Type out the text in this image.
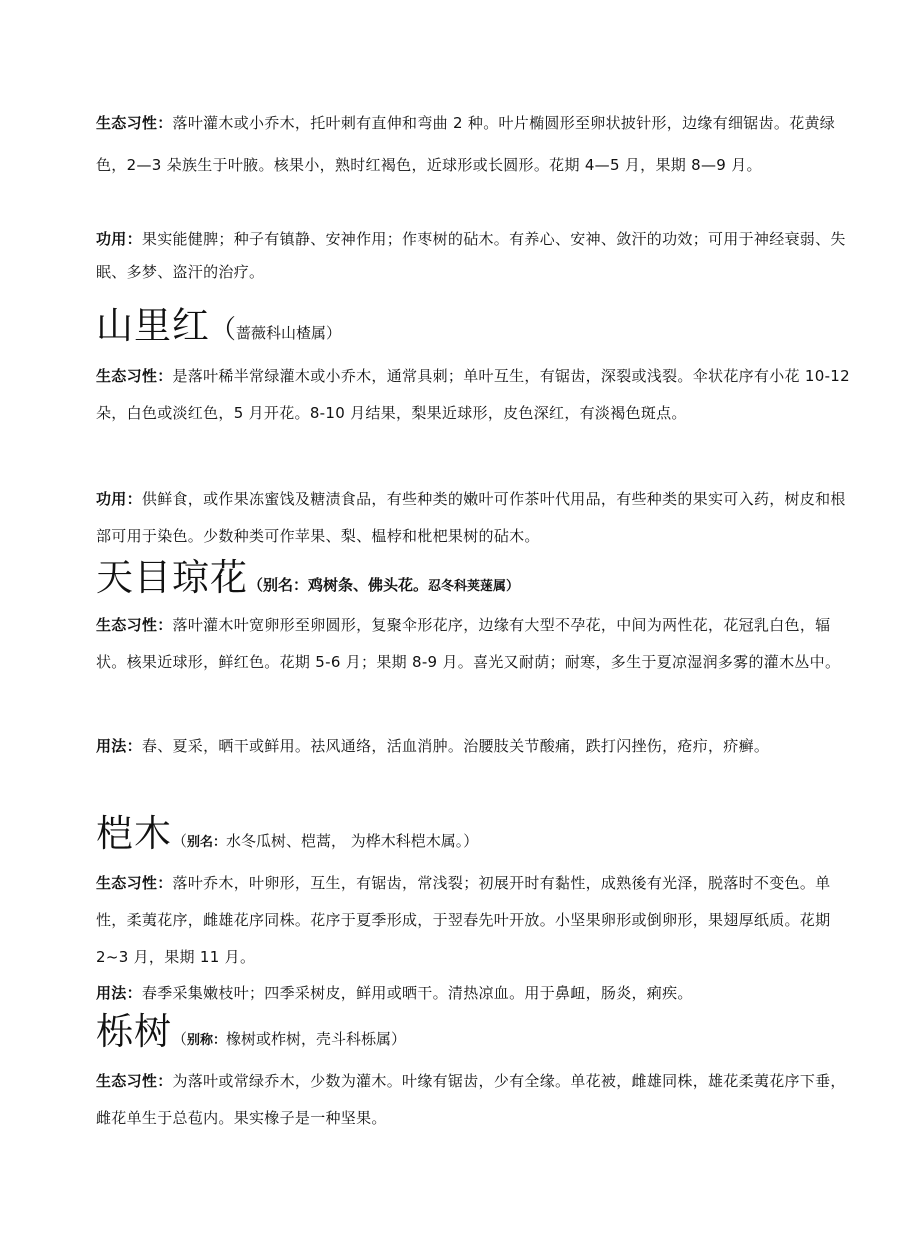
生态习性：落叶灌木或小乔木，托叶刺有直伸和弯曲 2 种。叶片椭圆形至卵状披针形，边缘有细锯齿。花黄绿色，2—3 朵族生于叶腋。核果小，熟时红褐色，近球形或长圆形。花期 4—5 月，果期 8—9 月。
功用：果实能健脾；种子有镇静、安神作用；作枣树的砧木。有养心、安神、敛汗的功效；可用于神经衰弱、失眠、多梦、盗汗的治疗。
山里红（蔷薇科山楂属）
生态习性：是落叶稀半常绿灌木或小乔木，通常具刺；单叶互生，有锯齿，深裂或浅裂。伞状花序有小花 10-12 朵，白色或淡红色，5 月开花。8-10 月结果，梨果近球形，皮色深红，有淡褐色斑点。
功用：供鲜食，或作果冻蜜饯及糖渍食品，有些种类的嫩叶可作茶叶代用品，有些种类的果实可入药，树皮和根部可用于染色。少数种类可作苹果、梨、榅桲和枇杷果树的砧木。
天目琼花（别名：鸡树条、佛头花。忍冬科荚蒾属）
生态习性：落叶灌木叶宽卵形至卵圆形，复聚伞形花序，边缘有大型不孕花，中间为两性花，花冠乳白色，辐状。核果近球形，鲜红色。花期 5-6 月；果期 8-9 月。喜光又耐荫；耐寒，多生于夏凉湿润多雾的灌木丛中。
用法：春、夏采，晒干或鲜用。祛风通络，活血消肿。治腰肢关节酸痛，跌打闪挫伤，疮疖，疥癣。
桤木（别名：水冬瓜树、桤蒿， 为桦木科桤木属。）
生态习性：落叶乔木，叶卵形，互生，有锯齿，常浅裂；初展开时有黏性，成熟後有光泽，脱落时不变色。单性，柔荑花序，雌雄花序同株。花序于夏季形成，于翌春先叶开放。小坚果卵形或倒卵形，果翅厚纸质。花期 2~3 月，果期 11 月。
用法：春季采集嫩枝叶；四季采树皮，鲜用或晒干。清热凉血。用于鼻衄，肠炎，痢疾。
栎树（别称：橡树或柞树，壳斗科栎属）
生态习性：为落叶或常绿乔木，少数为灌木。叶缘有锯齿，少有全缘。单花被，雌雄同株，雄花柔荑花序下垂，雌花单生于总苞内。果实橡子是一种坚果。
